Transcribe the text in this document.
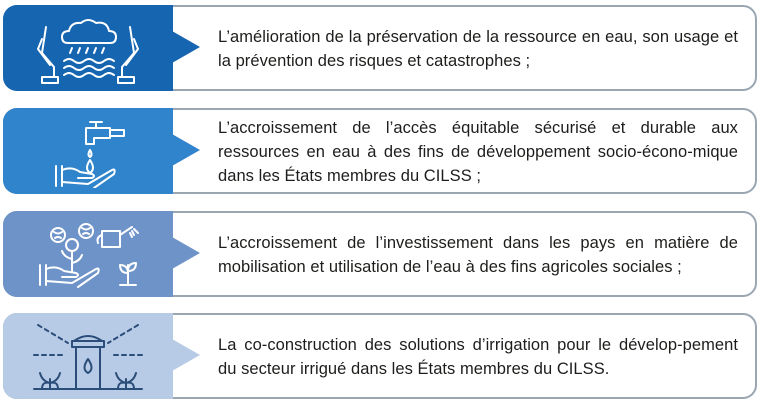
L’amélioration de la préservation de la ressource en eau, son usage et la prévention des risques et catastrophes ;

L’accroissement de l’accès équitable sécurisé et durable aux ressources en eau à des fins de développement socio-écono-mique dans les États membres du CILSS ;

L’accroissement de l’investissement dans les pays en matière de mobilisation et utilisation de l’eau à des fins agricoles sociales ;

La co-construction des solutions d’irrigation pour le dévelop-pement du secteur irrigué dans les États membres du CILSS.
